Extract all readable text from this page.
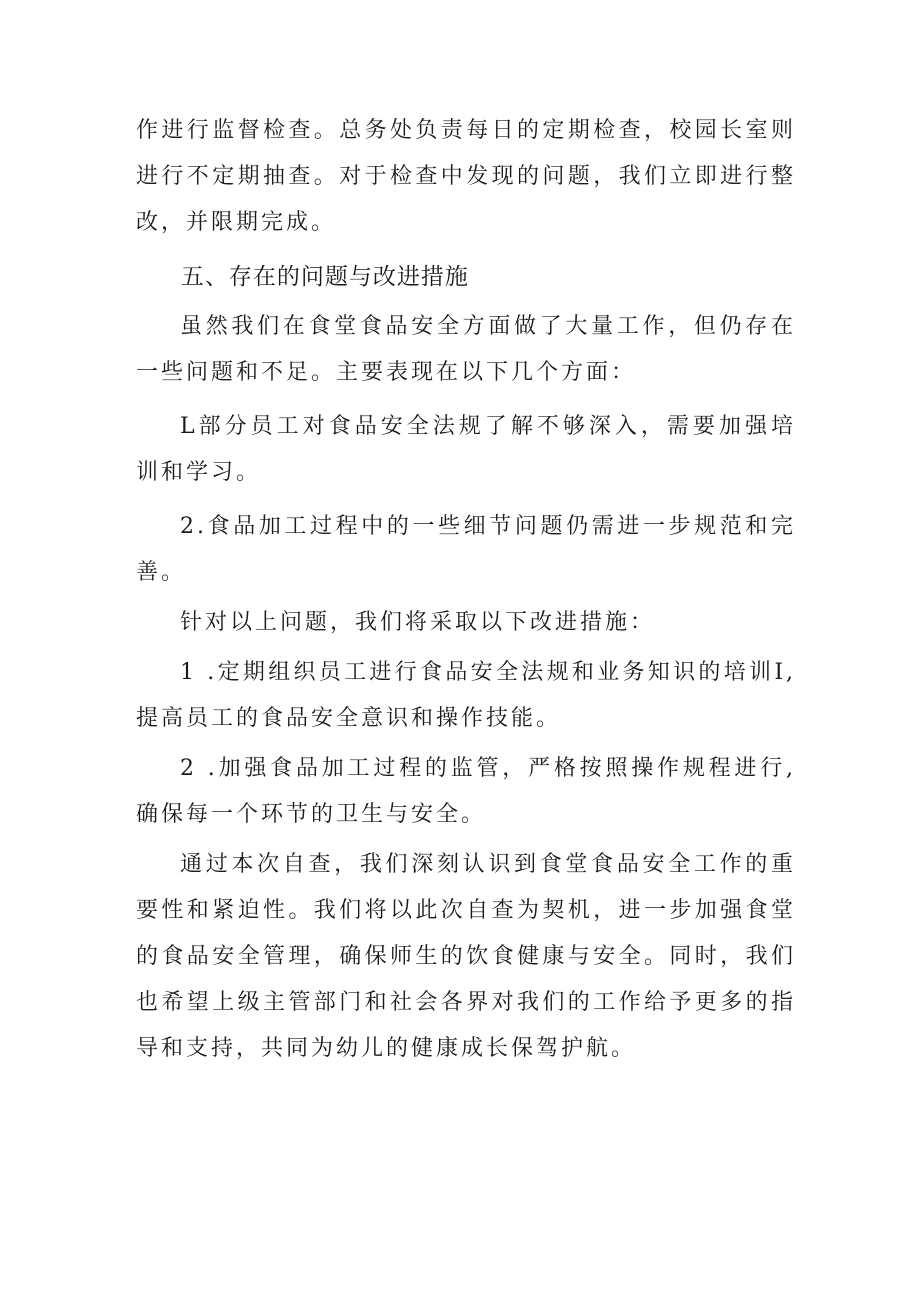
作进行监督检查。总务处负责每日的定期检查，校园长室则进行不定期抽查。对于检查中发现的问题，我们立即进行整改，并限期完成。

五、存在的问题与改进措施

虽然我们在食堂食品安全方面做了大量工作，但仍存在一些问题和不足。主要表现在以下几个方面：

L部分员工对食品安全法规了解不够深入，需要加强培训和学习。

2.食品加工过程中的一些细节问题仍需进一步规范和完善。

针对以上问题，我们将采取以下改进措施：

1 .定期组织员工进行食品安全法规和业务知识的培训I,提高员工的食品安全意识和操作技能。

2 .加强食品加工过程的监管，严格按照操作规程进行,确保每一个环节的卫生与安全。

通过本次自查，我们深刻认识到食堂食品安全工作的重要性和紧迫性。我们将以此次自查为契机，进一步加强食堂的食品安全管理，确保师生的饮食健康与安全。同时，我们也希望上级主管部门和社会各界对我们的工作给予更多的指导和支持，共同为幼儿的健康成长保驾护航。
